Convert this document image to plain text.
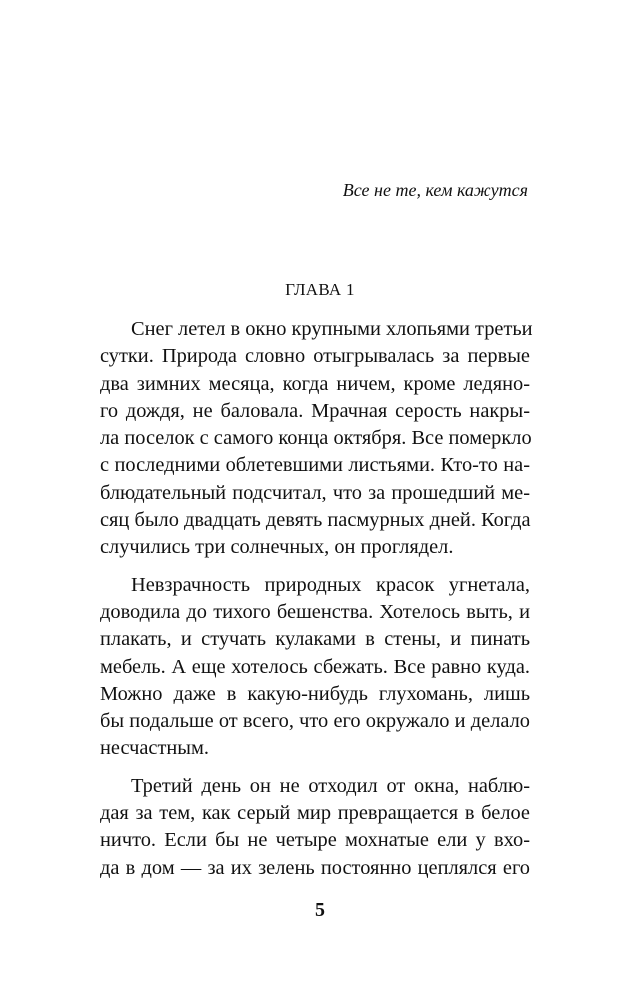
Все не те, кем кажутся
ГЛАВА 1
Снег летел в окно крупными хлопьями третьи
сутки. Природа словно отыгрывалась за первые
два зимних месяца, когда ничем, кроме ледяно-
го дождя, не баловала. Мрачная серость накры-
ла поселок с самого конца октября. Все померкло
с последними облетевшими листьями. Кто-то на-
блюдательный подсчитал, что за прошедший ме-
сяц было двадцать девять пасмурных дней. Когда
случились три солнечных, он проглядел.
Невзрачность природных красок угнетала,
доводила до тихого бешенства. Хотелось выть, и
плакать, и стучать кулаками в стены, и пинать
мебель. А еще хотелось сбежать. Все равно куда.
Можно даже в какую-нибудь глухомань, лишь
бы подальше от всего, что его окружало и делало
несчастным.
Третий день он не отходил от окна, наблю-
дая за тем, как серый мир превращается в белое
ничто. Если бы не четыре мохнатые ели у вхо-
да в дом — за их зелень постоянно цеплялся его
5
